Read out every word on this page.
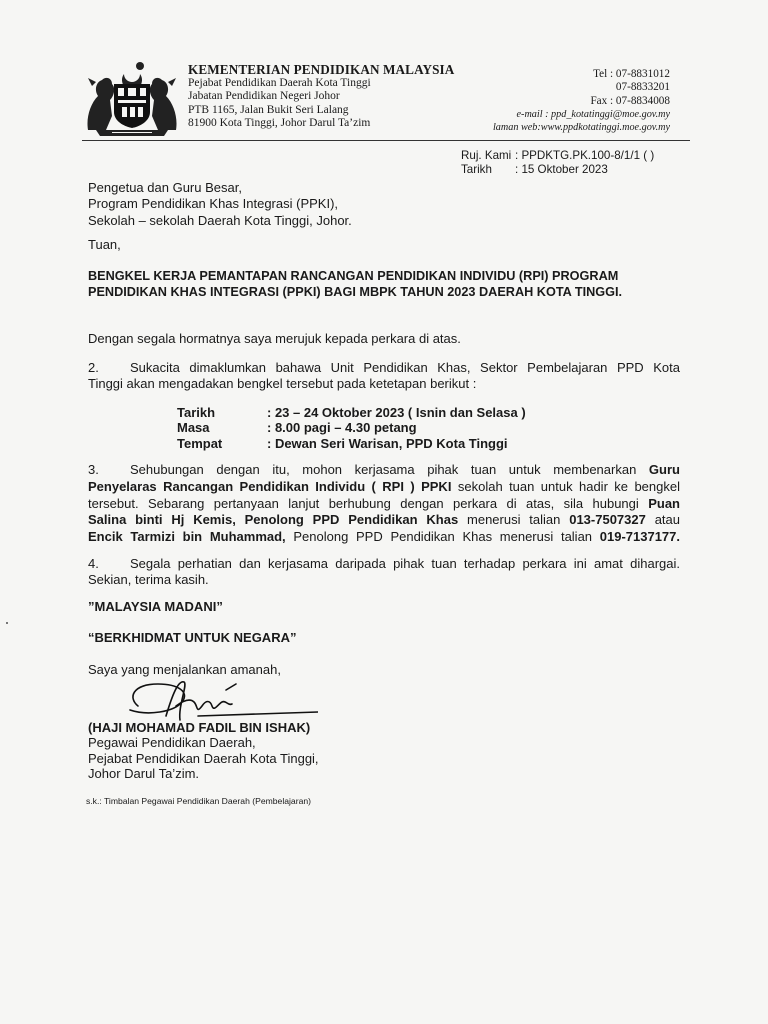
KEMENTERIAN PENDIDIKAN MALAYSIA
Pejabat Pendidikan Daerah Kota Tinggi
Jabatan Pendidikan Negeri Johor
PTB 1165, Jalan Bukit Seri Lalang
81900 Kota Tinggi, Johor Darul Ta’zim
Tel : 07-8831012
07-8833201
Fax : 07-8834008
e-mail : ppd_kotatinggi@moe.gov.my
laman web:www.ppdkotatinggi.moe.gov.my
Ruj. Kami : PPDKTG.PK.100-8/1/1 ( )
Tarikh : 15 Oktober 2023
Pengetua dan Guru Besar,
Program Pendidikan Khas Integrasi (PPKI),
Sekolah – sekolah Daerah Kota Tinggi, Johor.
Tuan,
BENGKEL KERJA PEMANTAPAN RANCANGAN PENDIDIKAN INDIVIDU (RPI) PROGRAM
PENDIDIKAN KHAS INTEGRASI (PPKI) BAGI MBPK TAHUN 2023 DAERAH KOTA TINGGI.
Dengan segala hormatnya saya merujuk kepada perkara di atas.
2. Sukacita dimaklumkan bahawa Unit Pendidikan Khas, Sektor Pembelajaran PPD Kota
Tinggi akan mengadakan bengkel tersebut pada ketetapan berikut :
Tarikh	: 23 – 24 Oktober 2023 ( Isnin dan Selasa )
Masa	: 8.00 pagi – 4.30 petang
Tempat	: Dewan Seri Warisan, PPD Kota Tinggi
3. Sehubungan dengan itu, mohon kerjasama pihak tuan untuk membenarkan Guru
Penyelaras Rancangan Pendidikan Individu ( RPI ) PPKI sekolah tuan untuk hadir ke bengkel
tersebut. Sebarang pertanyaan lanjut berhubung dengan perkara di atas, sila hubungi Puan
Salina binti Hj Kemis, Penolong PPD Pendidikan Khas menerusi talian 013-7507327 atau
Encik Tarmizi bin Muhammad, Penolong PPD Pendidikan Khas menerusi talian 019-7137177.
4. Segala perhatian dan kerjasama daripada pihak tuan terhadap perkara ini amat dihargai.
Sekian, terima kasih.
”MALAYSIA MADANI”
“BERKHIDMAT UNTUK NEGARA”
Saya yang menjalankan amanah,
(HAJI MOHAMAD FADIL BIN ISHAK)
Pegawai Pendidikan Daerah,
Pejabat Pendidikan Daerah Kota Tinggi,
Johor Darul Ta’zim.
s.k.: Timbalan Pegawai Pendidikan Daerah (Pembelajaran)
